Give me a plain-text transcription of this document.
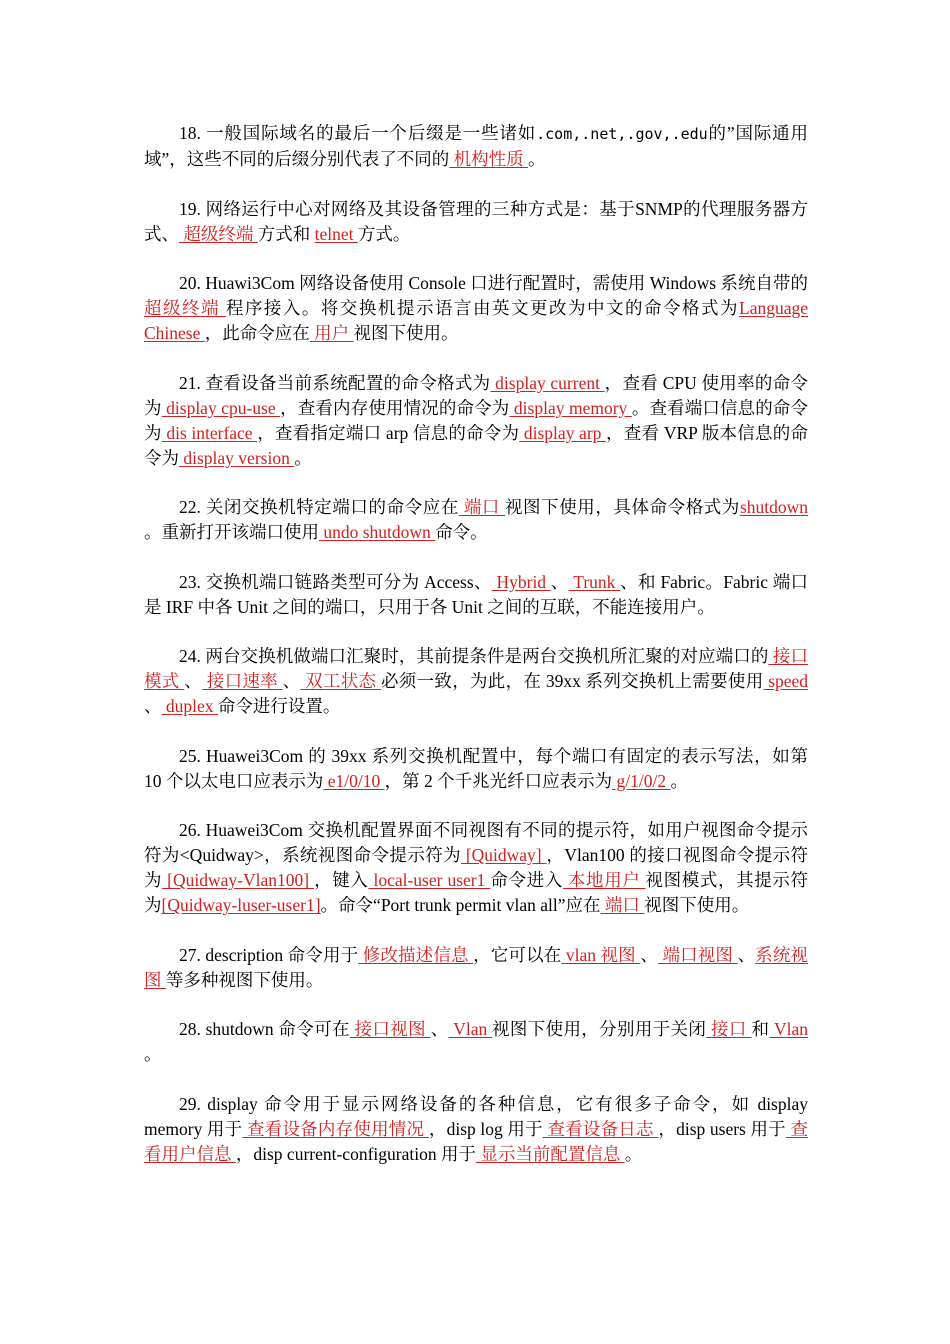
18. 一般国际域名的最后一个后缀是一些诸如.com,.net,.gov,.edu的”国际通用域”，这些不同的后缀分别代表了不同的 机构性质 。

19. 网络运行中心对网络及其设备管理的三种方式是：基于SNMP的代理服务器方式、 超级终端 方式和 telnet 方式。

20. Huawi3Com 网络设备使用 Console 口进行配置时，需使用 Windows 系统自带的 超级终端 程序接入。将交换机提示语言由英文更改为中文的命令格式为Language Chinese ，此命令应在 用户 视图下使用。

21. 查看设备当前系统配置的命令格式为 display current ，查看 CPU 使用率的命令为 display cpu-use ，查看内存使用情况的命令为 display memory 。查看端口信息的命令为 dis interface ，查看指定端口 arp 信息的命令为 display arp ，查看 VRP 版本信息的命令为 display version 。

22. 关闭交换机特定端口的命令应在 端口 视图下使用，具体命令格式为shutdown 。重新打开该端口使用 undo shutdown 命令。

23. 交换机端口链路类型可分为 Access、 Hybrid 、 Trunk 、和 Fabric。Fabric 端口是 IRF 中各 Unit 之间的端口，只用于各 Unit 之间的互联，不能连接用户。

24. 两台交换机做端口汇聚时，其前提条件是两台交换机所汇聚的对应端口的 接口模式 、 接口速率 、 双工状态 必须一致，为此，在 39xx 系列交换机上需要使用 speed 、 duplex 命令进行设置。

25. Huawei3Com 的 39xx 系列交换机配置中，每个端口有固定的表示写法，如第 10 个以太电口应表示为 e1/0/10 ，第 2 个千兆光纤口应表示为 g/1/0/2 。

26. Huawei3Com 交换机配置界面不同视图有不同的提示符，如用户视图命令提示符为<Quidway>，系统视图命令提示符为 [Quidway] ，Vlan100 的接口视图命令提示符为 [Quidway-Vlan100] ，键入 local-user user1 命令进入 本地用户 视图模式，其提示符为[Quidway-luser-user1]。命令“Port trunk permit vlan all”应在 端口 视图下使用。

27. description 命令用于 修改描述信息 ，它可以在 vlan 视图 、 端口视图 、系统视图 等多种视图下使用。

28. shutdown 命令可在 接口视图 、 Vlan 视图下使用，分别用于关闭 接口 和 Vlan 。

29. display 命令用于显示网络设备的各种信息，它有很多子命令，如 display memory 用于 查看设备内存使用情况 ，disp log 用于 查看设备日志 ，disp users 用于 查看用户信息 ，disp current-configuration 用于 显示当前配置信息 。
